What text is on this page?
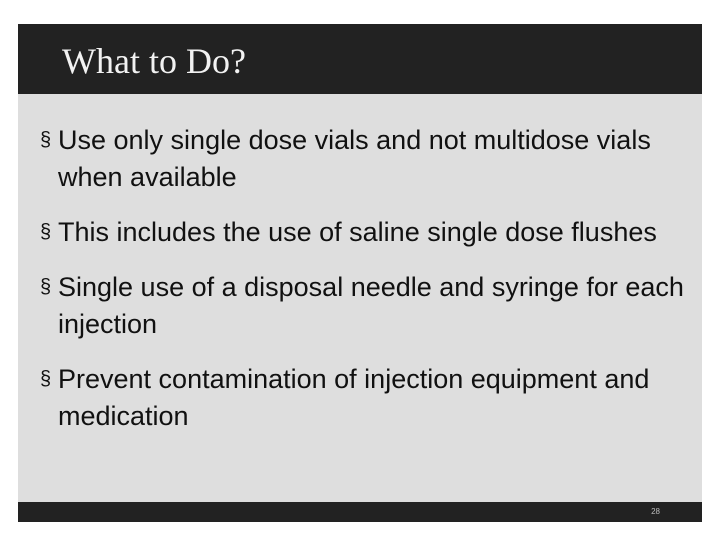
What to Do?
§ Use only single dose vials and not multidose vials when available
§ This includes the use of saline single dose flushes
§ Single use of a disposal needle and syringe for each injection
§ Prevent contamination of injection equipment and medication
28
